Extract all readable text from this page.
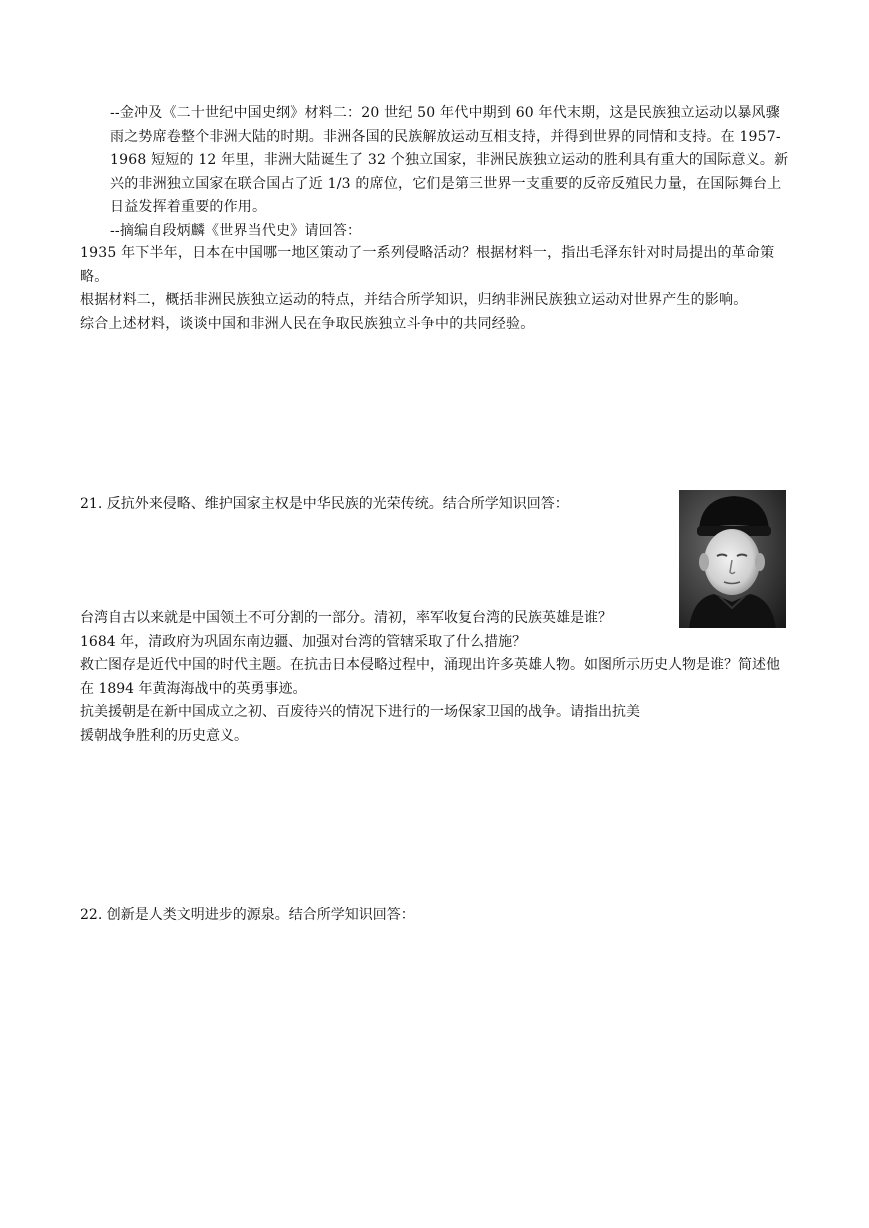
--金冲及《二十世纪中国史纲》材料二：20 世纪 50 年代中期到 60 年代末期，这是民族独立运动以暴风骤雨之势席卷整个非洲大陆的时期。非洲各国的民族解放运动互相支持，并得到世界的同情和支持。在 1957-1968 短短的 12 年里，非洲大陆诞生了 32 个独立国家，非洲民族独立运动的胜利具有重大的国际意义。新兴的非洲独立国家在联合国占了近 1/3 的席位，它们是第三世界一支重要的反帝反殖民力量，在国际舞台上日益发挥着重要的作用。

--摘编自段炳麟《世界当代史》请回答：

1935 年下半年，日本在中国哪一地区策动了一系列侵略活动？根据材料一，指出毛泽东针对时局提出的革命策略。

根据材料二，概括非洲民族独立运动的特点，并结合所学知识，归纳非洲民族独立运动对世界产生的影响。

综合上述材料，谈谈中国和非洲人民在争取民族独立斗争中的共同经验。

21. 反抗外来侵略、维护国家主权是中华民族的光荣传统。结合所学知识回答：

台湾自古以来就是中国领土不可分割的一部分。清初，率军收复台湾的民族英雄是谁？

1684 年，清政府为巩固东南边疆、加强对台湾的管辖采取了什么措施？

救亡图存是近代中国的时代主题。在抗击日本侵略过程中，涌现出许多英雄人物。如图所示历史人物是谁？简述他在 1894 年黄海海战中的英勇事迹。

抗美援朝是在新中国成立之初、百废待兴的情况下进行的一场保家卫国的战争。请指出抗美援朝战争胜利的历史意义。

22. 创新是人类文明进步的源泉。结合所学知识回答：
